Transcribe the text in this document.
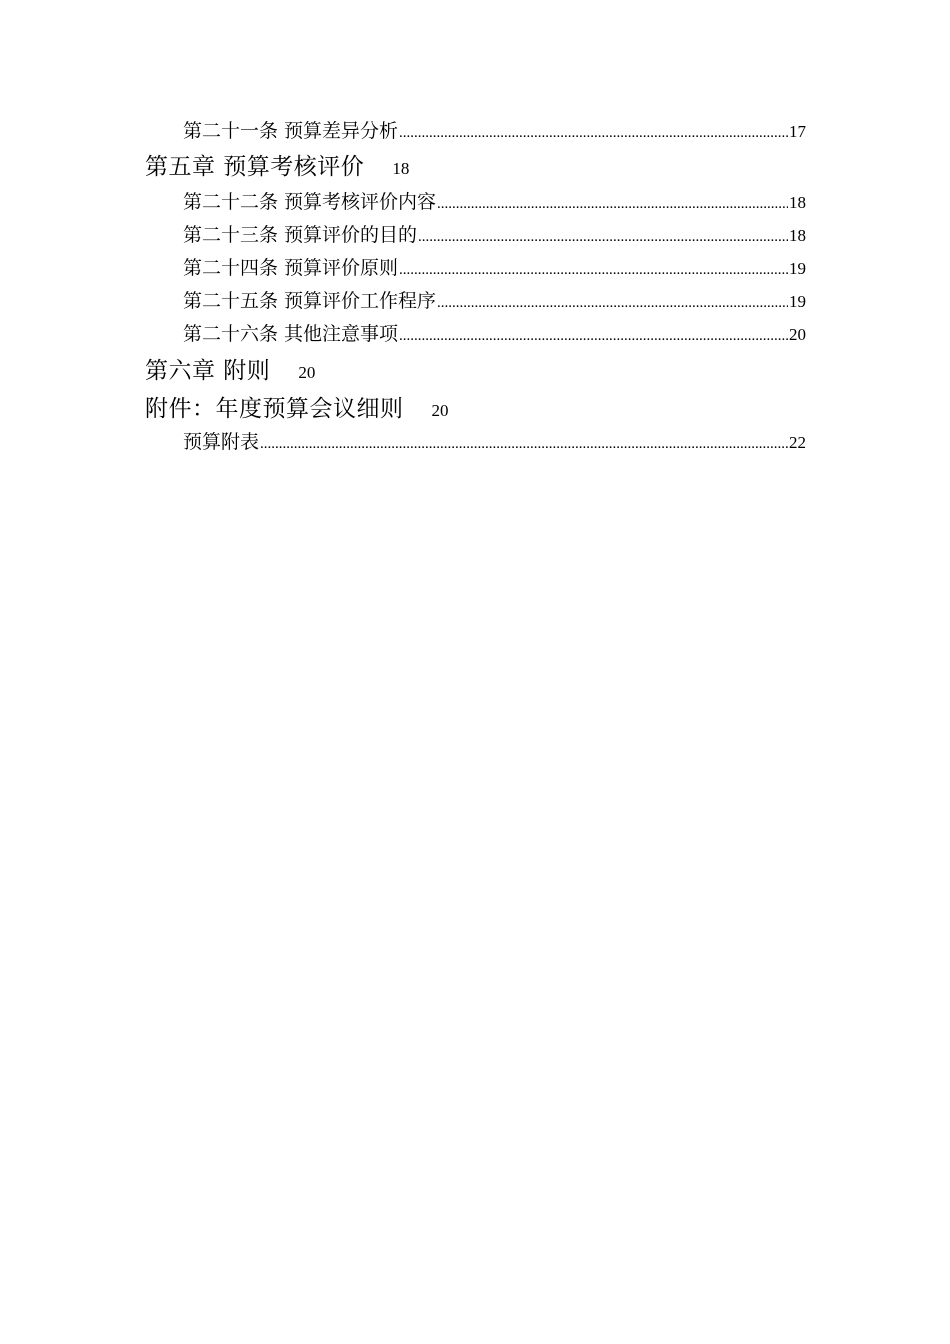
第二十一条 预算差异分析 .....	17
第五章 预算考核评价 18
第二十二条 预算考核评价内容 .....	18
第二十三条 预算评价的目的 .....	18
第二十四条 预算评价原则 .....	19
第二十五条 预算评价工作程序 .....	19
第二十六条 其他注意事项 .....	20
第六章 附则 20
附件：年度预算会议细则 20
预算附表 .....	22
